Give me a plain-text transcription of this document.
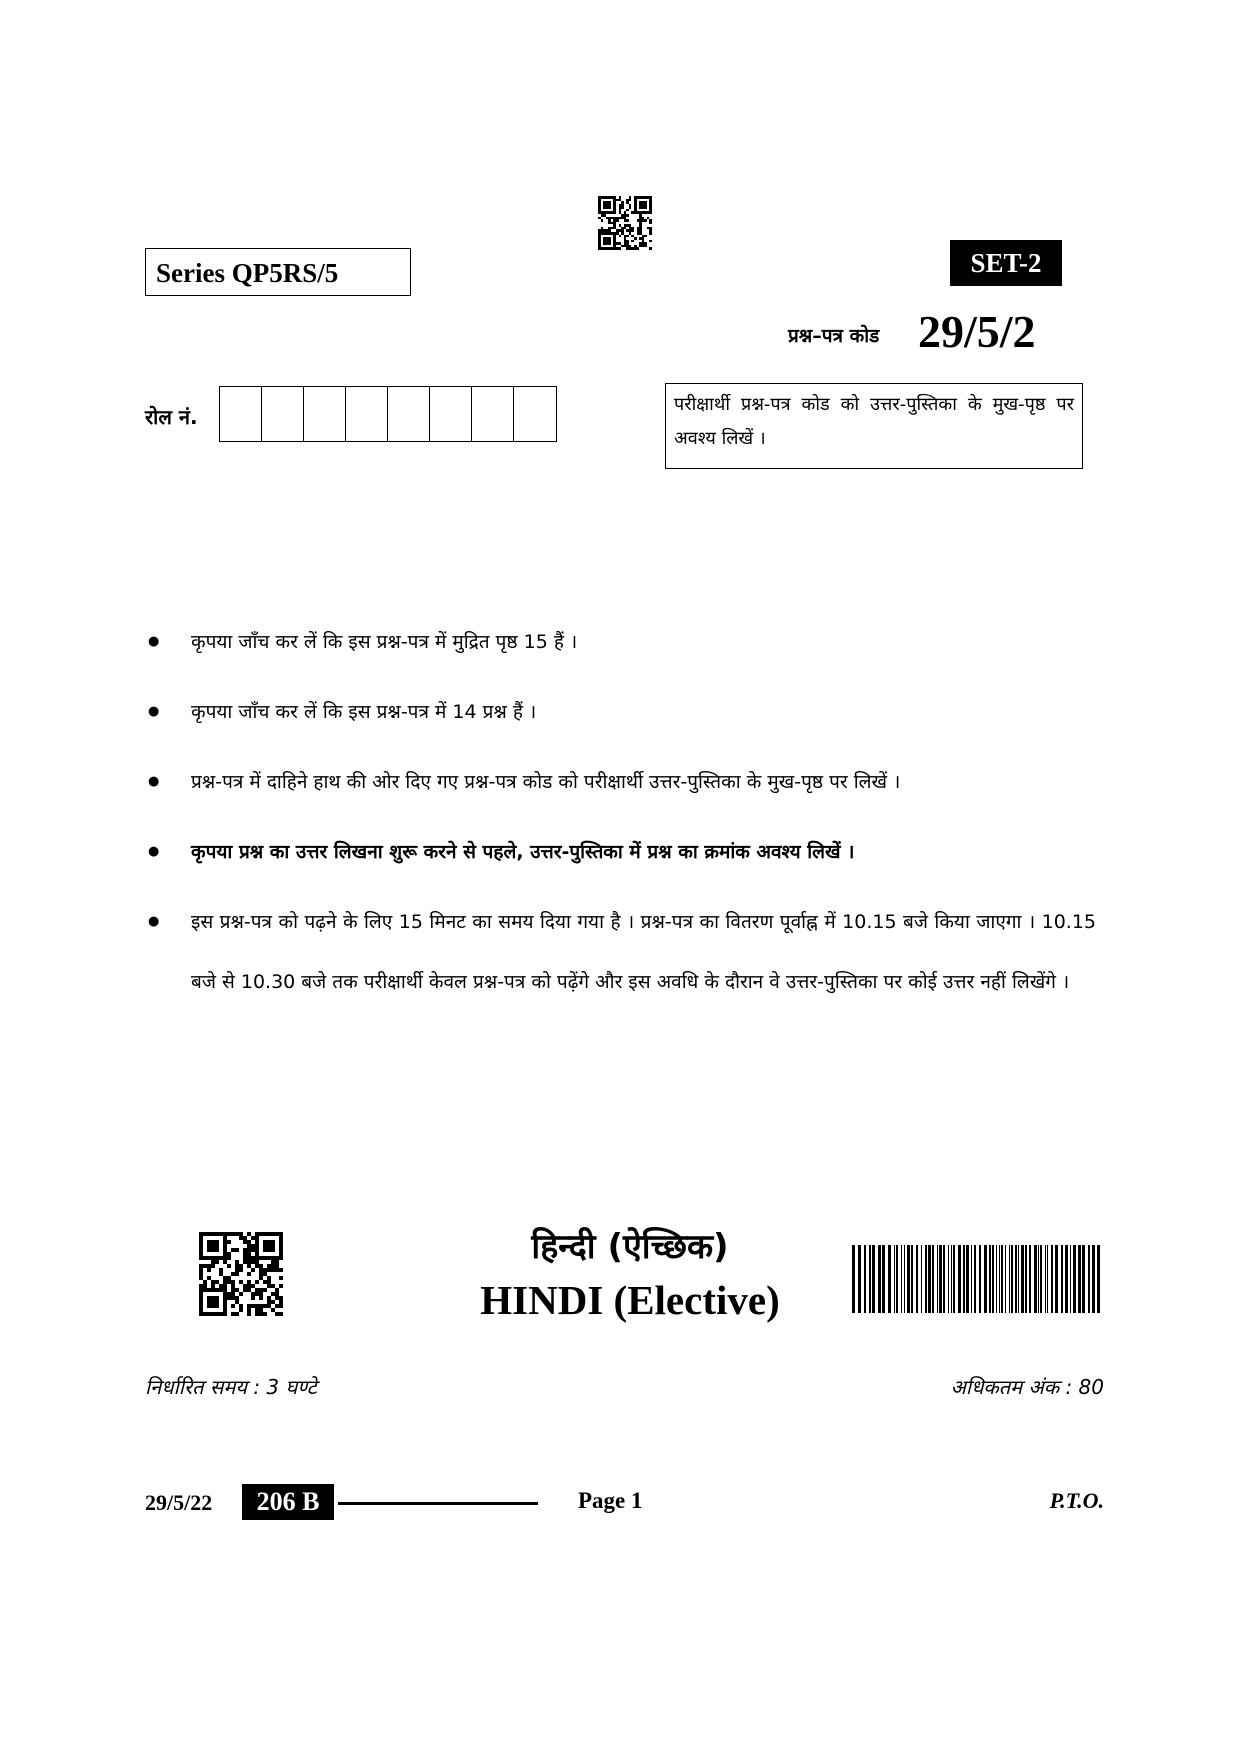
Series QP5RS/5	SET-2
प्रश्न–पत्र कोड 29/5/2
रोल नं.
परीक्षार्थी प्रश्न-पत्र कोड को उत्तर-पुस्तिका के मुख-पृष्ठ पर अवश्य लिखें ।
● कृपया जाँच कर लें कि इस प्रश्न-पत्र में मुद्रित पृष्ठ 15 हैं ।
● कृपया जाँच कर लें कि इस प्रश्न-पत्र में 14 प्रश्न हैं ।
● प्रश्न-पत्र में दाहिने हाथ की ओर दिए गए प्रश्न-पत्र कोड को परीक्षार्थी उत्तर-पुस्तिका के मुख-पृष्ठ पर लिखें ।
● कृपया प्रश्न का उत्तर लिखना शुरू करने से पहले, उत्तर-पुस्तिका में प्रश्न का क्रमांक अवश्य लिखें ।
● इस प्रश्न-पत्र को पढ़ने के लिए 15 मिनट का समय दिया गया है । प्रश्न-पत्र का वितरण पूर्वाह्न में 10.15 बजे किया जाएगा । 10.15 बजे से 10.30 बजे तक परीक्षार्थी केवल प्रश्न-पत्र को पढ़ेंगे और इस अवधि के दौरान वे उत्तर-पुस्तिका पर कोई उत्तर नहीं लिखेंगे ।
हिन्दी (ऐच्छिक)
HINDI (Elective)
निर्धारित समय : 3 घण्टे	अधिकतम अंक : 80
29/5/22	206 B	Page 1	P.T.O.
